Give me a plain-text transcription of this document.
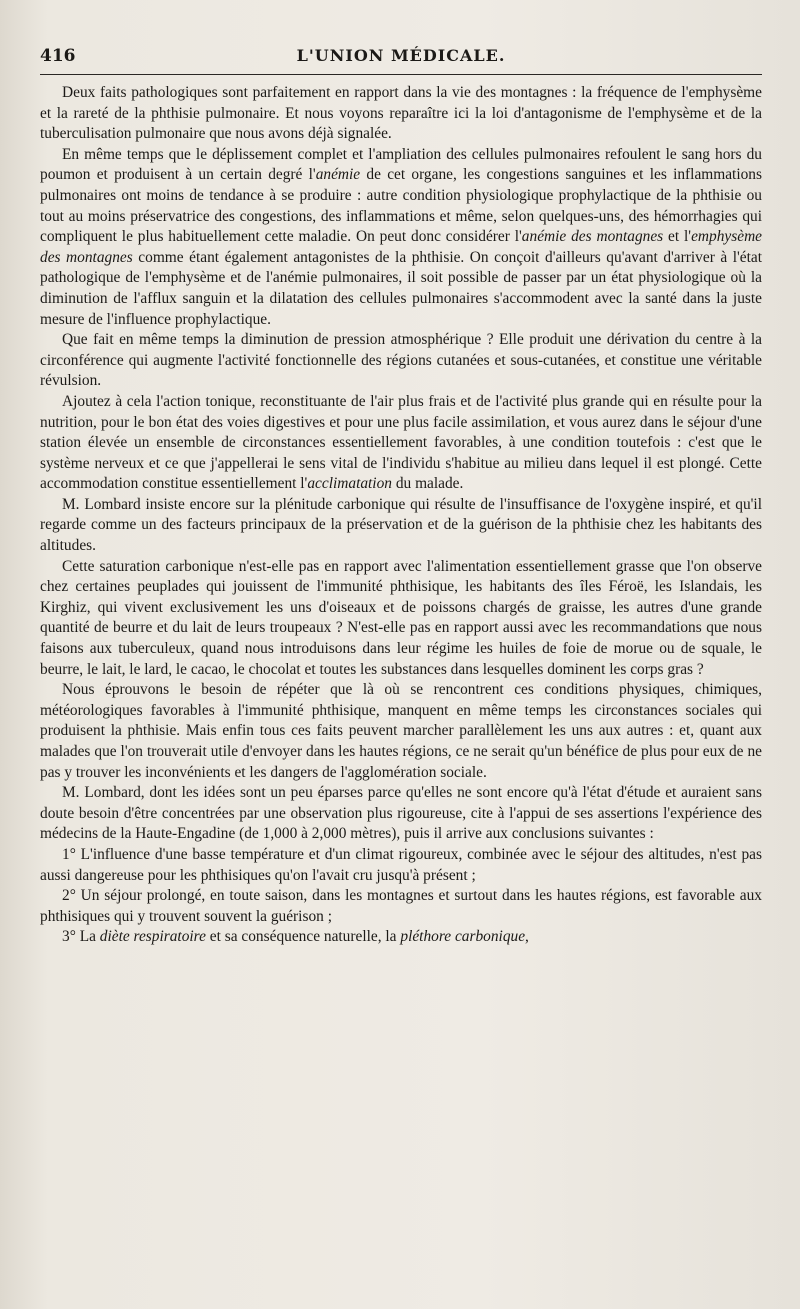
416	L'UNION MÉDICALE.

Deux faits pathologiques sont parfaitement en rapport dans la vie des montagnes : la fréquence de l'emphysème et la rareté de la phthisie pulmonaire. Et nous voyons reparaître ici la loi d'antagonisme de l'emphysème et de la tuberculisation pulmonaire que nous avons déjà signalée.

En même temps que le déplissement complet et l'ampliation des cellules pulmonaires refoulent le sang hors du poumon et produisent à un certain degré l'anémie de cet organe, les congestions sanguines et les inflammations pulmonaires ont moins de tendance à se produire : autre condition physiologique prophylactique de la phthisie ou tout au moins préservatrice des congestions, des inflammations et même, selon quelques-uns, des hémorrhagies qui compliquent le plus habituellement cette maladie. On peut donc considérer l'anémie des montagnes et l'emphysème des montagnes comme étant également antagonistes de la phthisie. On conçoit d'ailleurs qu'avant d'arriver à l'état pathologique de l'emphysème et de l'anémie pulmonaires, il soit possible de passer par un état physiologique où la diminution de l'afflux sanguin et la dilatation des cellules pulmonaires s'accommodent avec la santé dans la juste mesure de l'influence prophylactique.

Que fait en même temps la diminution de pression atmosphérique ? Elle produit une dérivation du centre à la circonférence qui augmente l'activité fonctionnelle des régions cutanées et sous-cutanées, et constitue une véritable révulsion.

Ajoutez à cela l'action tonique, reconstituante de l'air plus frais et de l'activité plus grande qui en résulte pour la nutrition, pour le bon état des voies digestives et pour une plus facile assimilation, et vous aurez dans le séjour d'une station élevée un ensemble de circonstances essentiellement favorables, à une condition toutefois : c'est que le système nerveux et ce que j'appellerai le sens vital de l'individu s'habitue au milieu dans lequel il est plongé. Cette accommodation constitue essentiellement l'acclimatation du malade.

M. Lombard insiste encore sur la plénitude carbonique qui résulte de l'insuffisance de l'oxygène inspiré, et qu'il regarde comme un des facteurs principaux de la préservation et de la guérison de la phthisie chez les habitants des altitudes.

Cette saturation carbonique n'est-elle pas en rapport avec l'alimentation essentiellement grasse que l'on observe chez certaines peuplades qui jouissent de l'immunité phthisique, les habitants des îles Féroë, les Islandais, les Kirghiz, qui vivent exclusivement les uns d'oiseaux et de poissons chargés de graisse, les autres d'une grande quantité de beurre et du lait de leurs troupeaux ? N'est-elle pas en rapport aussi avec les recommandations que nous faisons aux tuberculeux, quand nous introduisons dans leur régime les huiles de foie de morue ou de squale, le beurre, le lait, le lard, le cacao, le chocolat et toutes les substances dans lesquelles dominent les corps gras ?

Nous éprouvons le besoin de répéter que là où se rencontrent ces conditions physiques, chimiques, météorologiques favorables à l'immunité phthisique, manquent en même temps les circonstances sociales qui produisent la phthisie. Mais enfin tous ces faits peuvent marcher parallèlement les uns aux autres : et, quant aux malades que l'on trouverait utile d'envoyer dans les hautes régions, ce ne serait qu'un bénéfice de plus pour eux de ne pas y trouver les inconvénients et les dangers de l'agglomération sociale.

M. Lombard, dont les idées sont un peu éparses parce qu'elles ne sont encore qu'à l'état d'étude et auraient sans doute besoin d'être concentrées par une observation plus rigoureuse, cite à l'appui de ses assertions l'expérience des médecins de la Haute-Engadine (de 1,000 à 2,000 mètres), puis il arrive aux conclusions suivantes :

1° L'influence d'une basse température et d'un climat rigoureux, combinée avec le séjour des altitudes, n'est pas aussi dangereuse pour les phthisiques qu'on l'avait cru jusqu'à présent ;

2° Un séjour prolongé, en toute saison, dans les montagnes et surtout dans les hautes régions, est favorable aux phthisiques qui y trouvent souvent la guérison ;

3° La diète respiratoire et sa conséquence naturelle, la pléthore carbonique,
